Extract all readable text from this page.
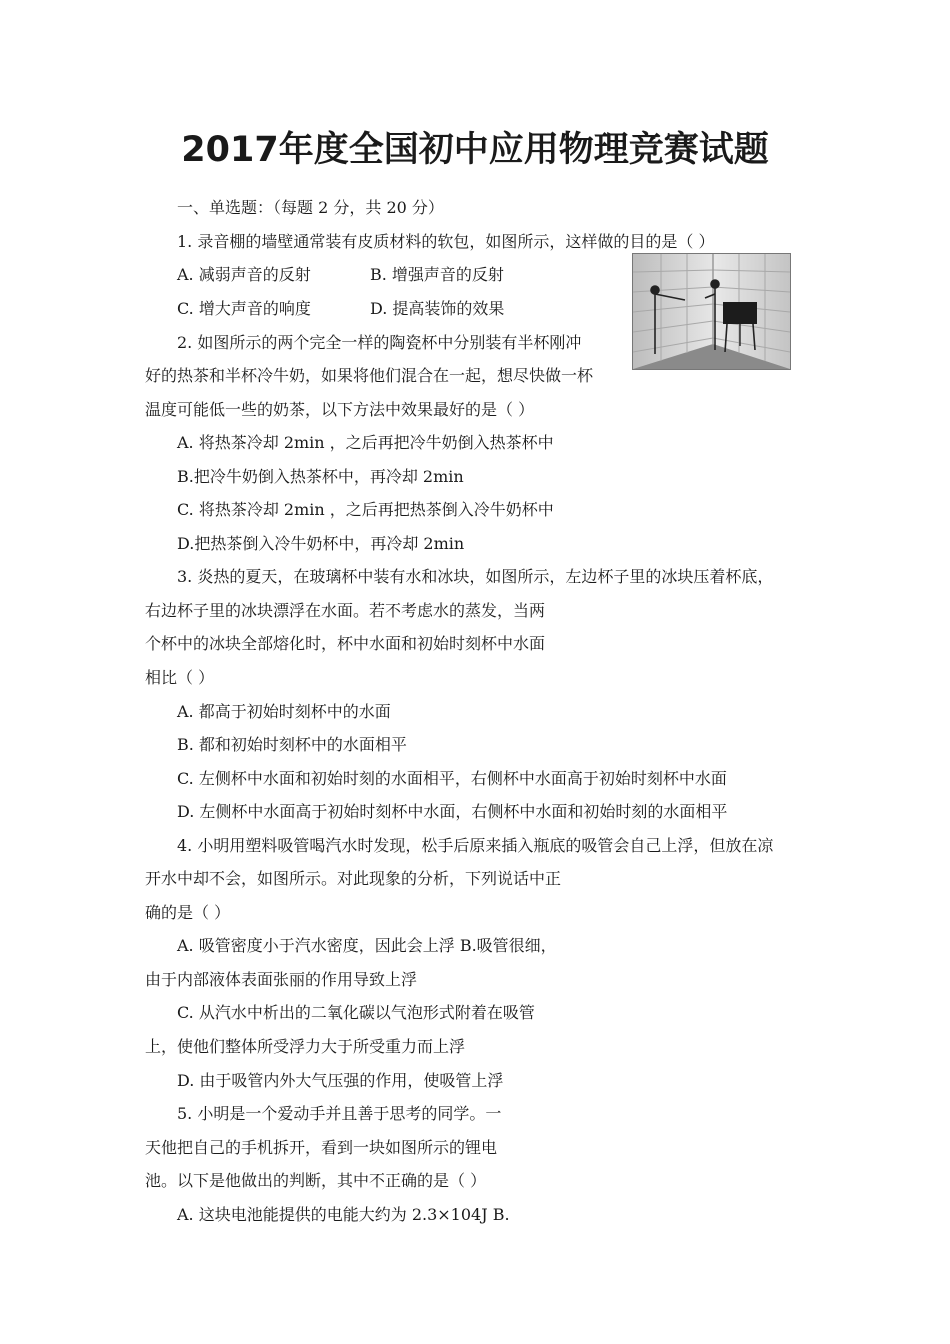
2017年度全国初中应用物理竞赛试题
一、单选题：（每题 2 分，共 20 分）
1. 录音棚的墙壁通常装有皮质材料的软包，如图所示，这样做的目的是（ ）
A. 减弱声音的反射	B. 增强声音的反射
C. 增大声音的响度	D. 提高装饰的效果
2. 如图所示的两个完全一样的陶瓷杯中分别装有半杯刚冲
好的热茶和半杯冷牛奶，如果将他们混合在一起，想尽快做一杯
温度可能低一些的奶茶，以下方法中效果最好的是（ ）
A. 将热茶冷却 2min ，之后再把冷牛奶倒入热茶杯中
B.把冷牛奶倒入热茶杯中，再冷却 2min
C. 将热茶冷却 2min ，之后再把热茶倒入冷牛奶杯中
D.把热茶倒入冷牛奶杯中，再冷却 2min
3. 炎热的夏天，在玻璃杯中装有水和冰块，如图所示，左边杯子里的冰块压着杯底，
右边杯子里的冰块漂浮在水面。若不考虑水的蒸发，当两
个杯中的冰块全部熔化时，杯中水面和初始时刻杯中水面
相比（ ）
A. 都高于初始时刻杯中的水面
B. 都和初始时刻杯中的水面相平
C. 左侧杯中水面和初始时刻的水面相平，右侧杯中水面高于初始时刻杯中水面
D. 左侧杯中水面高于初始时刻杯中水面，右侧杯中水面和初始时刻的水面相平
4. 小明用塑料吸管喝汽水时发现，松手后原来插入瓶底的吸管会自己上浮，但放在凉
开水中却不会，如图所示。对此现象的分析，下列说话中正
确的是（ ）
A. 吸管密度小于汽水密度，因此会上浮 B.吸管很细，
由于内部液体表面张丽的作用导致上浮
C. 从汽水中析出的二氧化碳以气泡形式附着在吸管
上，使他们整体所受浮力大于所受重力而上浮
D. 由于吸管内外大气压强的作用，使吸管上浮
5. 小明是一个爱动手并且善于思考的同学。一
天他把自己的手机拆开，看到一块如图所示的锂电
池。以下是他做出的判断，其中不正确的是（ ）
A. 这块电池能提供的电能大约为 2.3×104J B.
